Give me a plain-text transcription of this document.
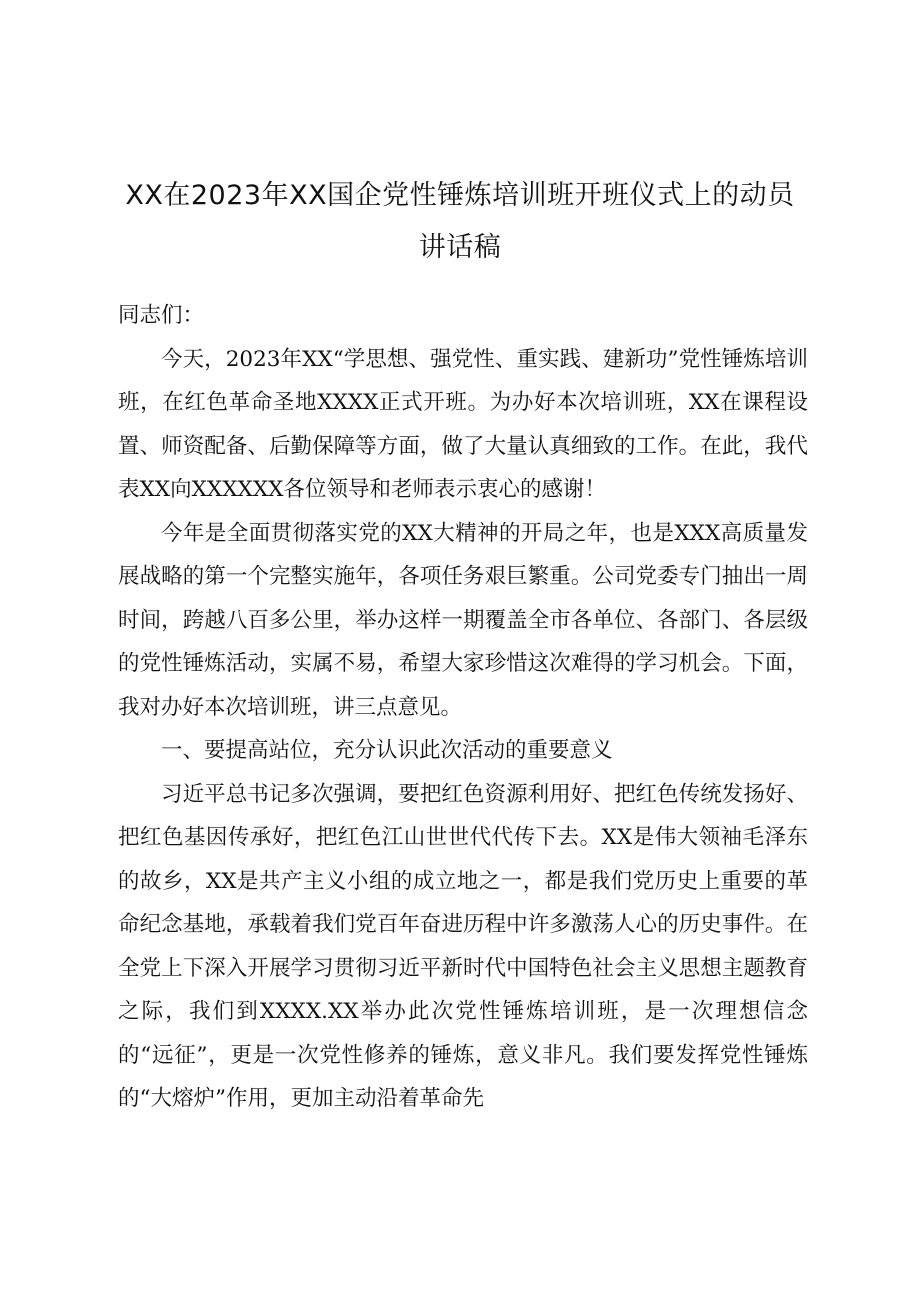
XX在2023年XX国企党性锤炼培训班开班仪式上的动员
讲话稿

同志们：

今天，2023年XX“学思想、强党性、重实践、建新功”党性锤炼培训班，在红色革命圣地XXXX正式开班。为办好本次培训班，XX在课程设置、师资配备、后勤保障等方面，做了大量认真细致的工作。在此，我代表XX向XXXXXX各位领导和老师表示衷心的感谢！

今年是全面贯彻落实党的XX大精神的开局之年，也是XXX高质量发展战略的第一个完整实施年，各项任务艰巨繁重。公司党委专门抽出一周时间，跨越八百多公里，举办这样一期覆盖全市各单位、各部门、各层级的党性锤炼活动，实属不易，希望大家珍惜这次难得的学习机会。下面，我对办好本次培训班，讲三点意见。

一、要提高站位，充分认识此次活动的重要意义

习近平总书记多次强调，要把红色资源利用好、把红色传统发扬好、把红色基因传承好，把红色江山世世代代传下去。XX是伟大领袖毛泽东的故乡，XX是共产主义小组的成立地之一，都是我们党历史上重要的革命纪念基地，承载着我们党百年奋进历程中许多激荡人心的历史事件。在全党上下深入开展学习贯彻习近平新时代中国特色社会主义思想主题教育之际，我们到XXXX.XX举办此次党性锤炼培训班，是一次理想信念的“远征”，更是一次党性修养的锤炼，意义非凡。我们要发挥党性锤炼的“大熔炉”作用，更加主动沿着革命先
